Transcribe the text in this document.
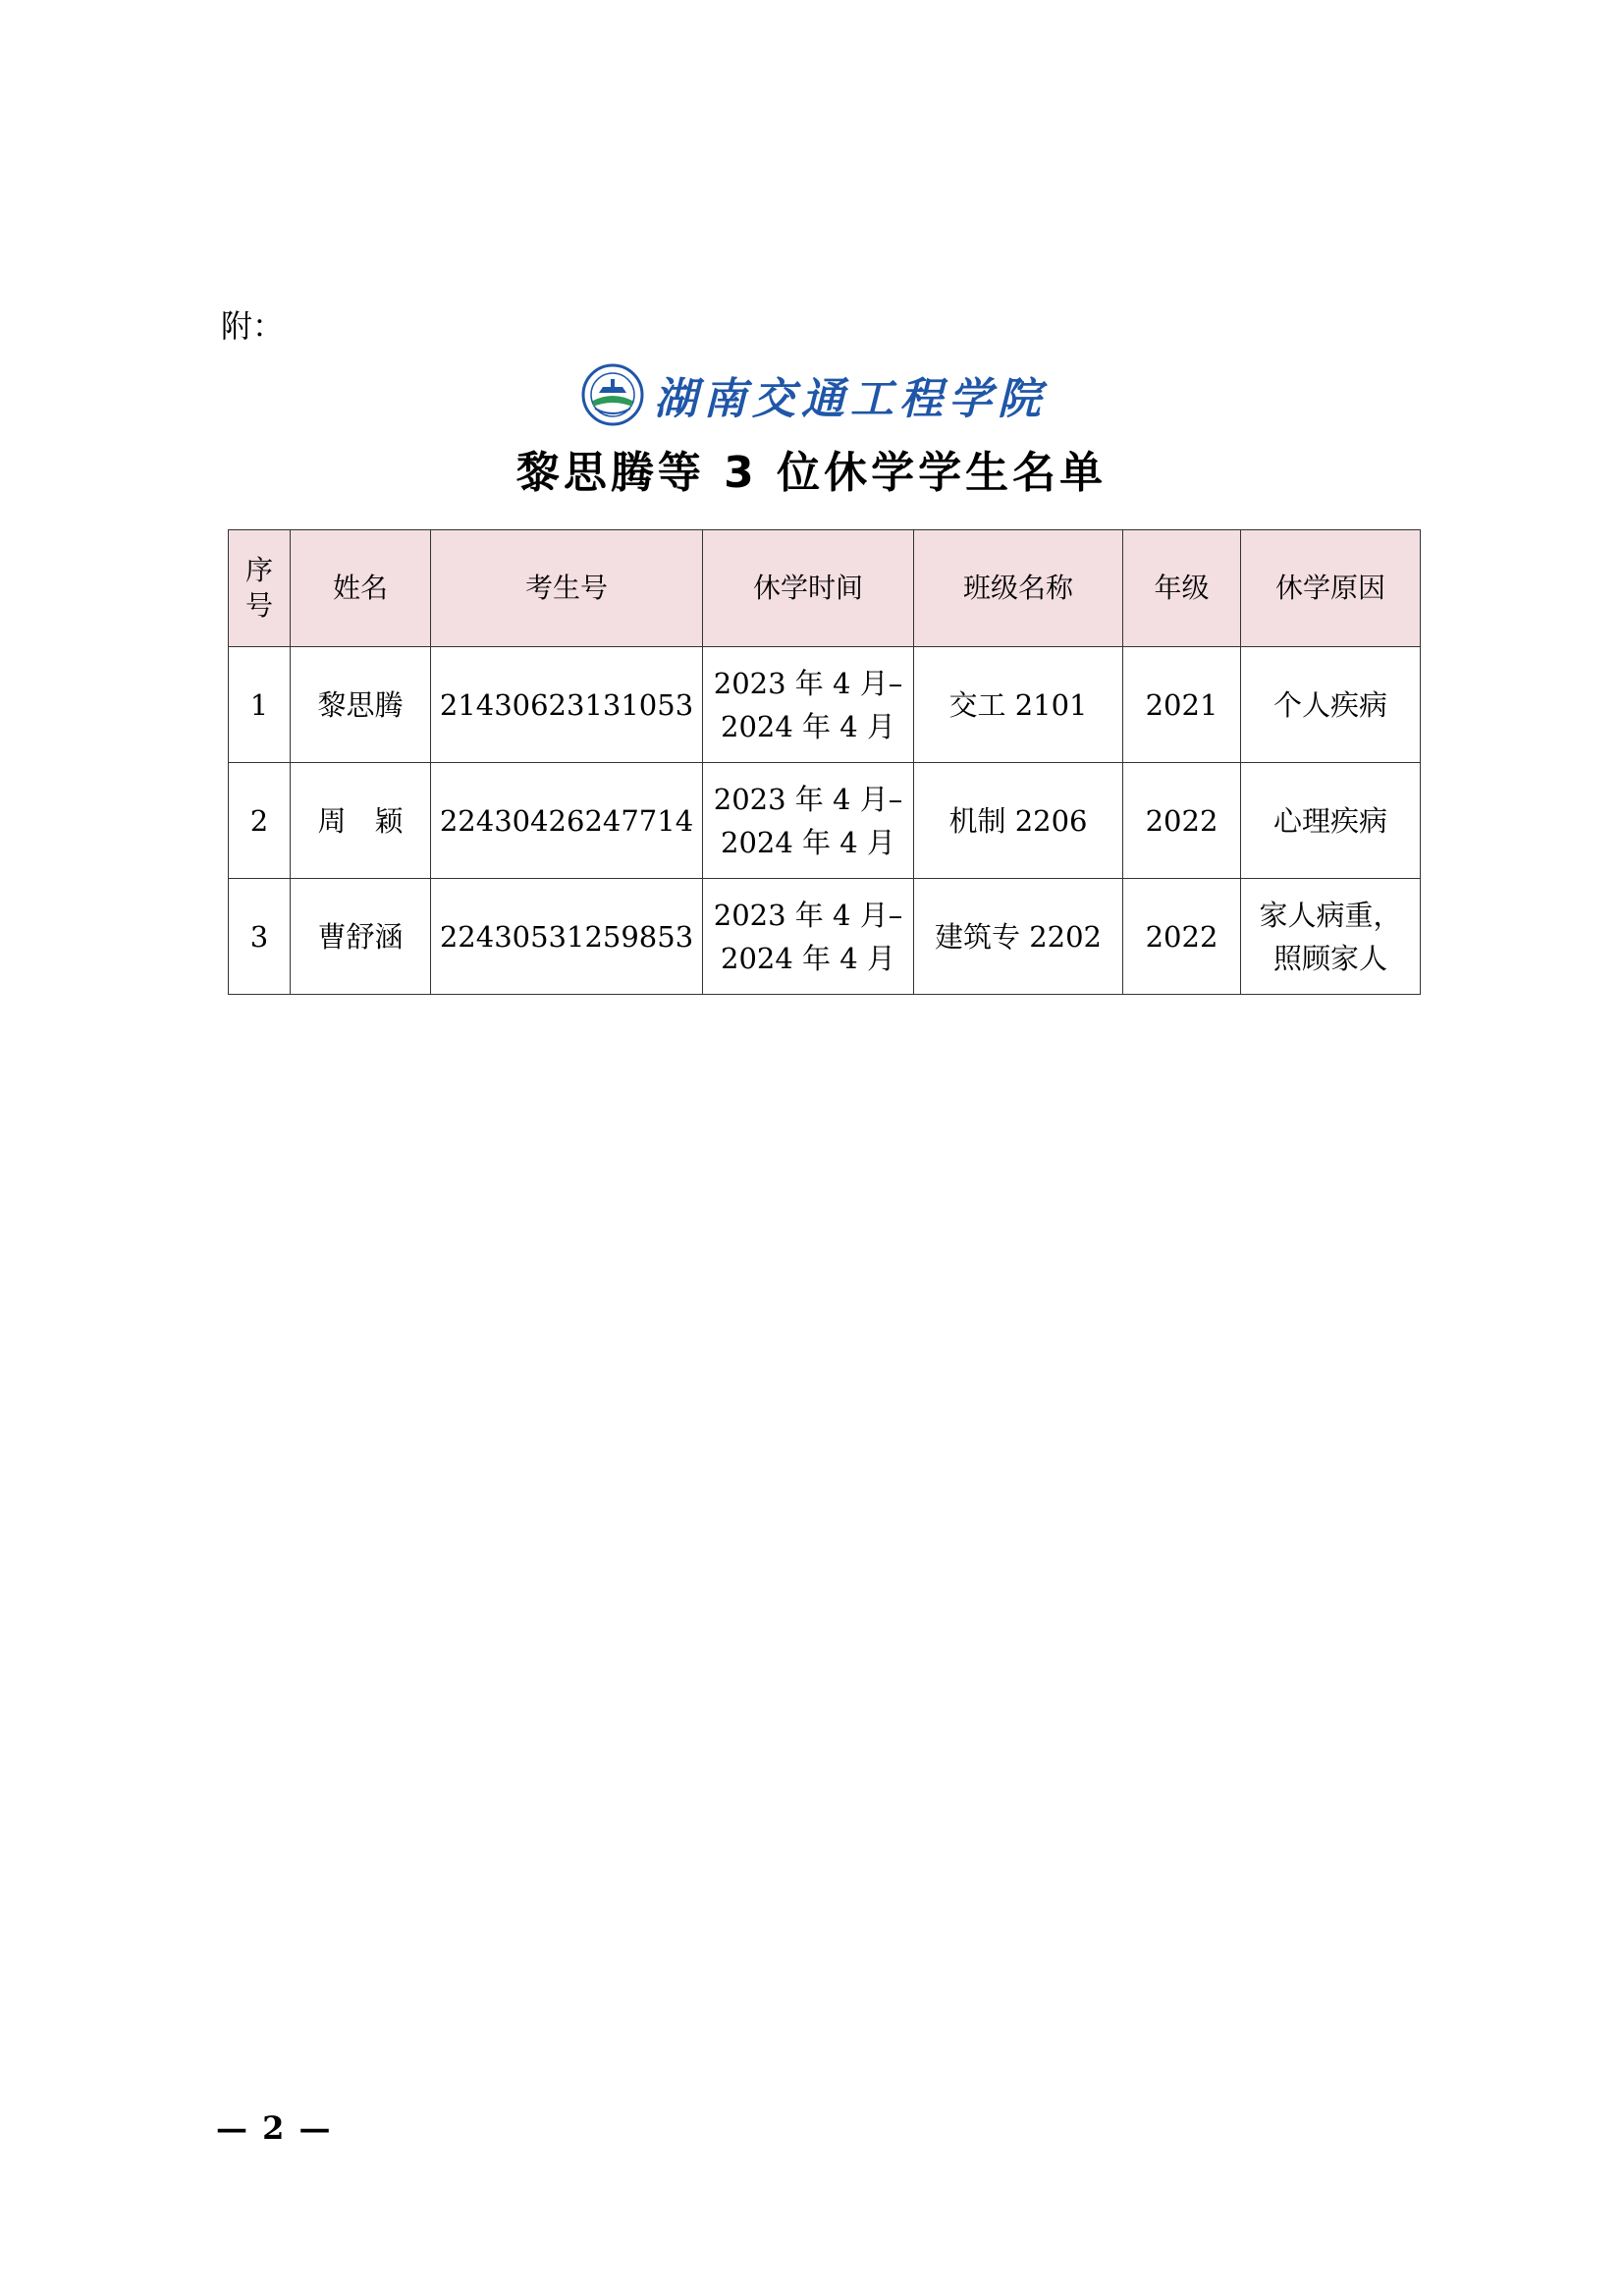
附：
湖南交通工程学院
黎思腾等 3 位休学学生名单
序号	姓名	考生号	休学时间	班级名称	年级	休学原因
1	黎思腾	21430623131053	2023 年 4 月–
2024 年 4 月	交工 2101	2021	个人疾病
2	周　颖	22430426247714	2023 年 4 月–
2024 年 4 月	机制 2206	2022	心理疾病
3	曹舒涵	22430531259853	2023 年 4 月–
2024 年 4 月	建筑专 2202	2022	家人病重，
照顾家人
— 2 —
